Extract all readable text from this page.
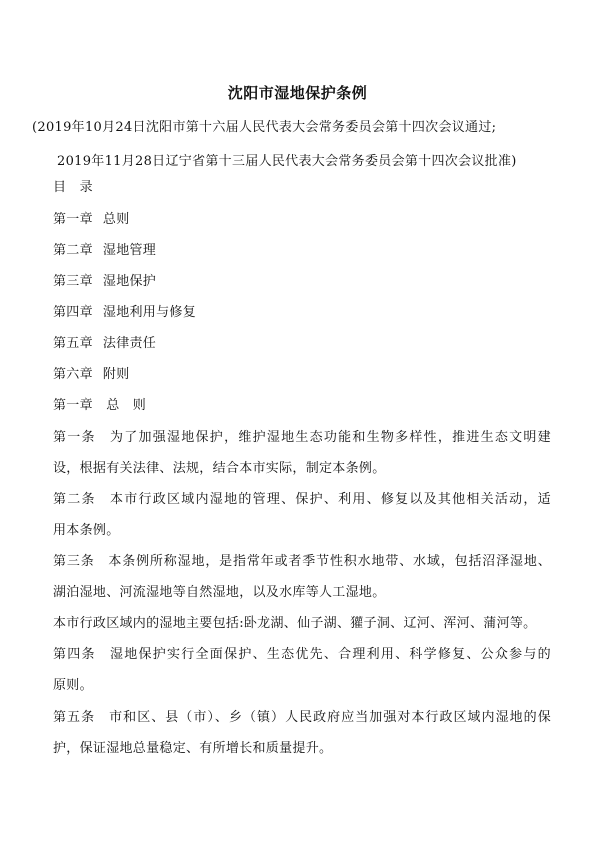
沈阳市湿地保护条例
(2019年10月24日沈阳市第十六届人民代表大会常务委员会第十四次会议通过;
2019年11月28日辽宁省第十三届人民代表大会常务委员会第十四次会议批准)
目　录
第一章 总则
第二章 湿地管理
第三章 湿地保护
第四章 湿地利用与修复
第五章 法律责任
第六章 附则
第一章　总　则
第一条　为了加强湿地保护，维护湿地生态功能和生物多样性，推进生态文明建
设，根据有关法律、法规，结合本市实际，制定本条例。
第二条　本市行政区域内湿地的管理、保护、利用、修复以及其他相关活动，适
用本条例。
第三条　本条例所称湿地，是指常年或者季节性积水地带、水域，包括沼泽湿地、
湖泊湿地、河流湿地等自然湿地，以及水库等人工湿地。
本市行政区域内的湿地主要包括:卧龙湖、仙子湖、獾子洞、辽河、浑河、蒲河等。
第四条　湿地保护实行全面保护、生态优先、合理利用、科学修复、公众参与的
原则。
第五条　市和区、县（市）、乡（镇）人民政府应当加强对本行政区域内湿地的保
护，保证湿地总量稳定、有所增长和质量提升。
